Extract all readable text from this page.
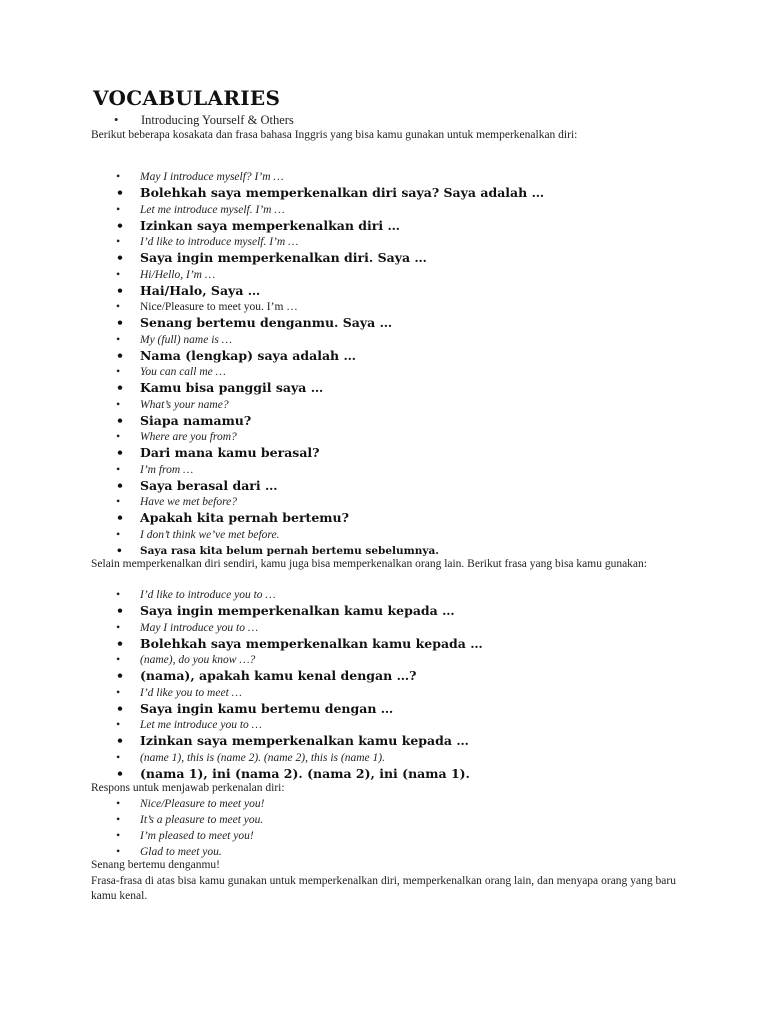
VOCABULARIES
• Introducing Yourself & Others

Berikut beberapa kosakata dan frasa bahasa Inggris yang bisa kamu gunakan untuk memperkenalkan diri:

• May I introduce myself? I’m …
• Bolehkah saya memperkenalkan diri saya? Saya adalah …
• Let me introduce myself. I’m …
• Izinkan saya memperkenalkan diri …
• I’d like to introduce myself. I’m …
• Saya ingin memperkenalkan diri. Saya …
• Hi/Hello, I’m …
• Hai/Halo, Saya …
• Nice/Pleasure to meet you. I’m …
• Senang bertemu denganmu. Saya …
• My (full) name is …
• Nama (lengkap) saya adalah …
• You can call me …
• Kamu bisa panggil saya …
• What’s your name?
• Siapa namamu?
• Where are you from?
• Dari mana kamu berasal?
• I’m from …
• Saya berasal dari …
• Have we met before?
• Apakah kita pernah bertemu?
• I don’t think we’ve met before.
• Saya rasa kita belum pernah bertemu sebelumnya.

Selain memperkenalkan diri sendiri, kamu juga bisa memperkenalkan orang lain. Berikut frasa yang bisa kamu gunakan:

• I’d like to introduce you to …
• Saya ingin memperkenalkan kamu kepada …
• May I introduce you to …
• Bolehkah saya memperkenalkan kamu kepada …
• (name), do you know …?
• (nama), apakah kamu kenal dengan …?
• I’d like you to meet …
• Saya ingin kamu bertemu dengan …
• Let me introduce you to …
• Izinkan saya memperkenalkan kamu kepada …
• (name 1), this is (name 2). (name 2), this is (name 1).
• (nama 1), ini (nama 2). (nama 2), ini (nama 1).

Respons untuk menjawab perkenalan diri:

• Nice/Pleasure to meet you!
• It’s a pleasure to meet you.
• I’m pleased to meet you!
• Glad to meet you.

Senang bertemu denganmu!

Frasa-frasa di atas bisa kamu gunakan untuk memperkenalkan diri, memperkenalkan orang lain, dan menyapa orang yang baru kamu kenal.
